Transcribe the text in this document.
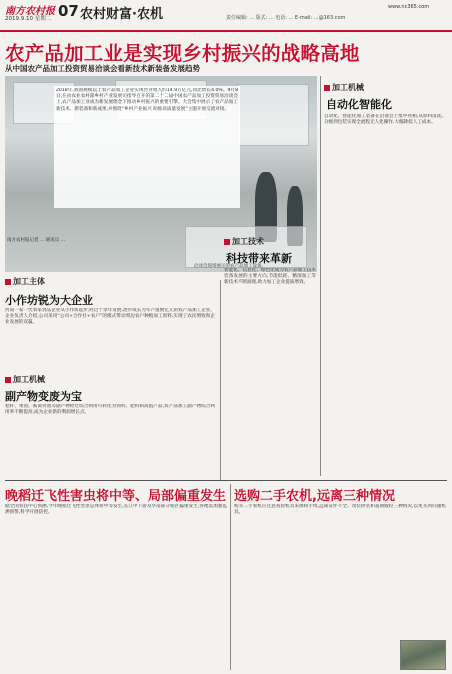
南方农村报
2019.9.10 星期二 07 农村财富·农机	责任编辑: ... 版式: ... 电话: ... E-mail: ...@163.com
www.nc365.com
农产品加工业是实现乡村振兴的战略高地
从中国农产品加工投资贸易洽谈会看新技术新装备发展趋势
2018年,我国规模以上农产品加工企业实现营业收入约14.9万亿元,同比增长4.0%。9月8日,在由农业农村部乡村产业发展司指导召开的第二十二届中国农产品加工投资贸易洽谈会上,农产品加工业成为新发展理念下推动乡村振兴的重要引擎。大会集中展示了农产品加工新技术、新装备和新成果,并围绕“乡村产业振兴 助推高质量发展”主题开展交流对接。
南方农村报记者 ... 通讯员 ...
洽谈会现场展示的农产品加工设备。
加工机械
自动化智能化
自动化、智能化加工装备在洽谈会上集中亮相,从原料清洗、分级到包装实现全流程无人化操作,大幅降低人工成本。
加工主体
小作坊锐为大企业
河南一家一代农家食品企业从小作坊起步,经过十余年发展,逐步成长为年产值数亿元的农产品加工企业。企业负责人介绍,公司采用“公司+合作社+农户”的模式带动周边农户种植加工原料,实现了农民增收和企业发展的双赢。
加工机械
副产物变废为宝
秸秆、果渣、畜禽骨血等副产物经过综合利用可转化为饲料、肥料和高值产品,农产品加工副产物综合利用率不断提高,成为企业新的利润增长点。
加工技术
科技带来革新
智能化、信息化、绿色化成为农产品加工技术装备发展的主要方向,节能低耗、精深加工等新技术不断涌现,助力加工企业提质增效。
晚稻迁飞性害虫将中等、局部偏重发生
据全国农技中心预测,今年晚稻迁飞性害虫总体将中等发生,长江中下游及华南部分稻区偏重发生,各地需加强监测预警,科学开展防控。
选购二手农机,远离三种情况
购买二手农机应注意查验机具来源和手续,远离证件不全、改装拼装和超期服役三种情况,以免买到问题机具。
